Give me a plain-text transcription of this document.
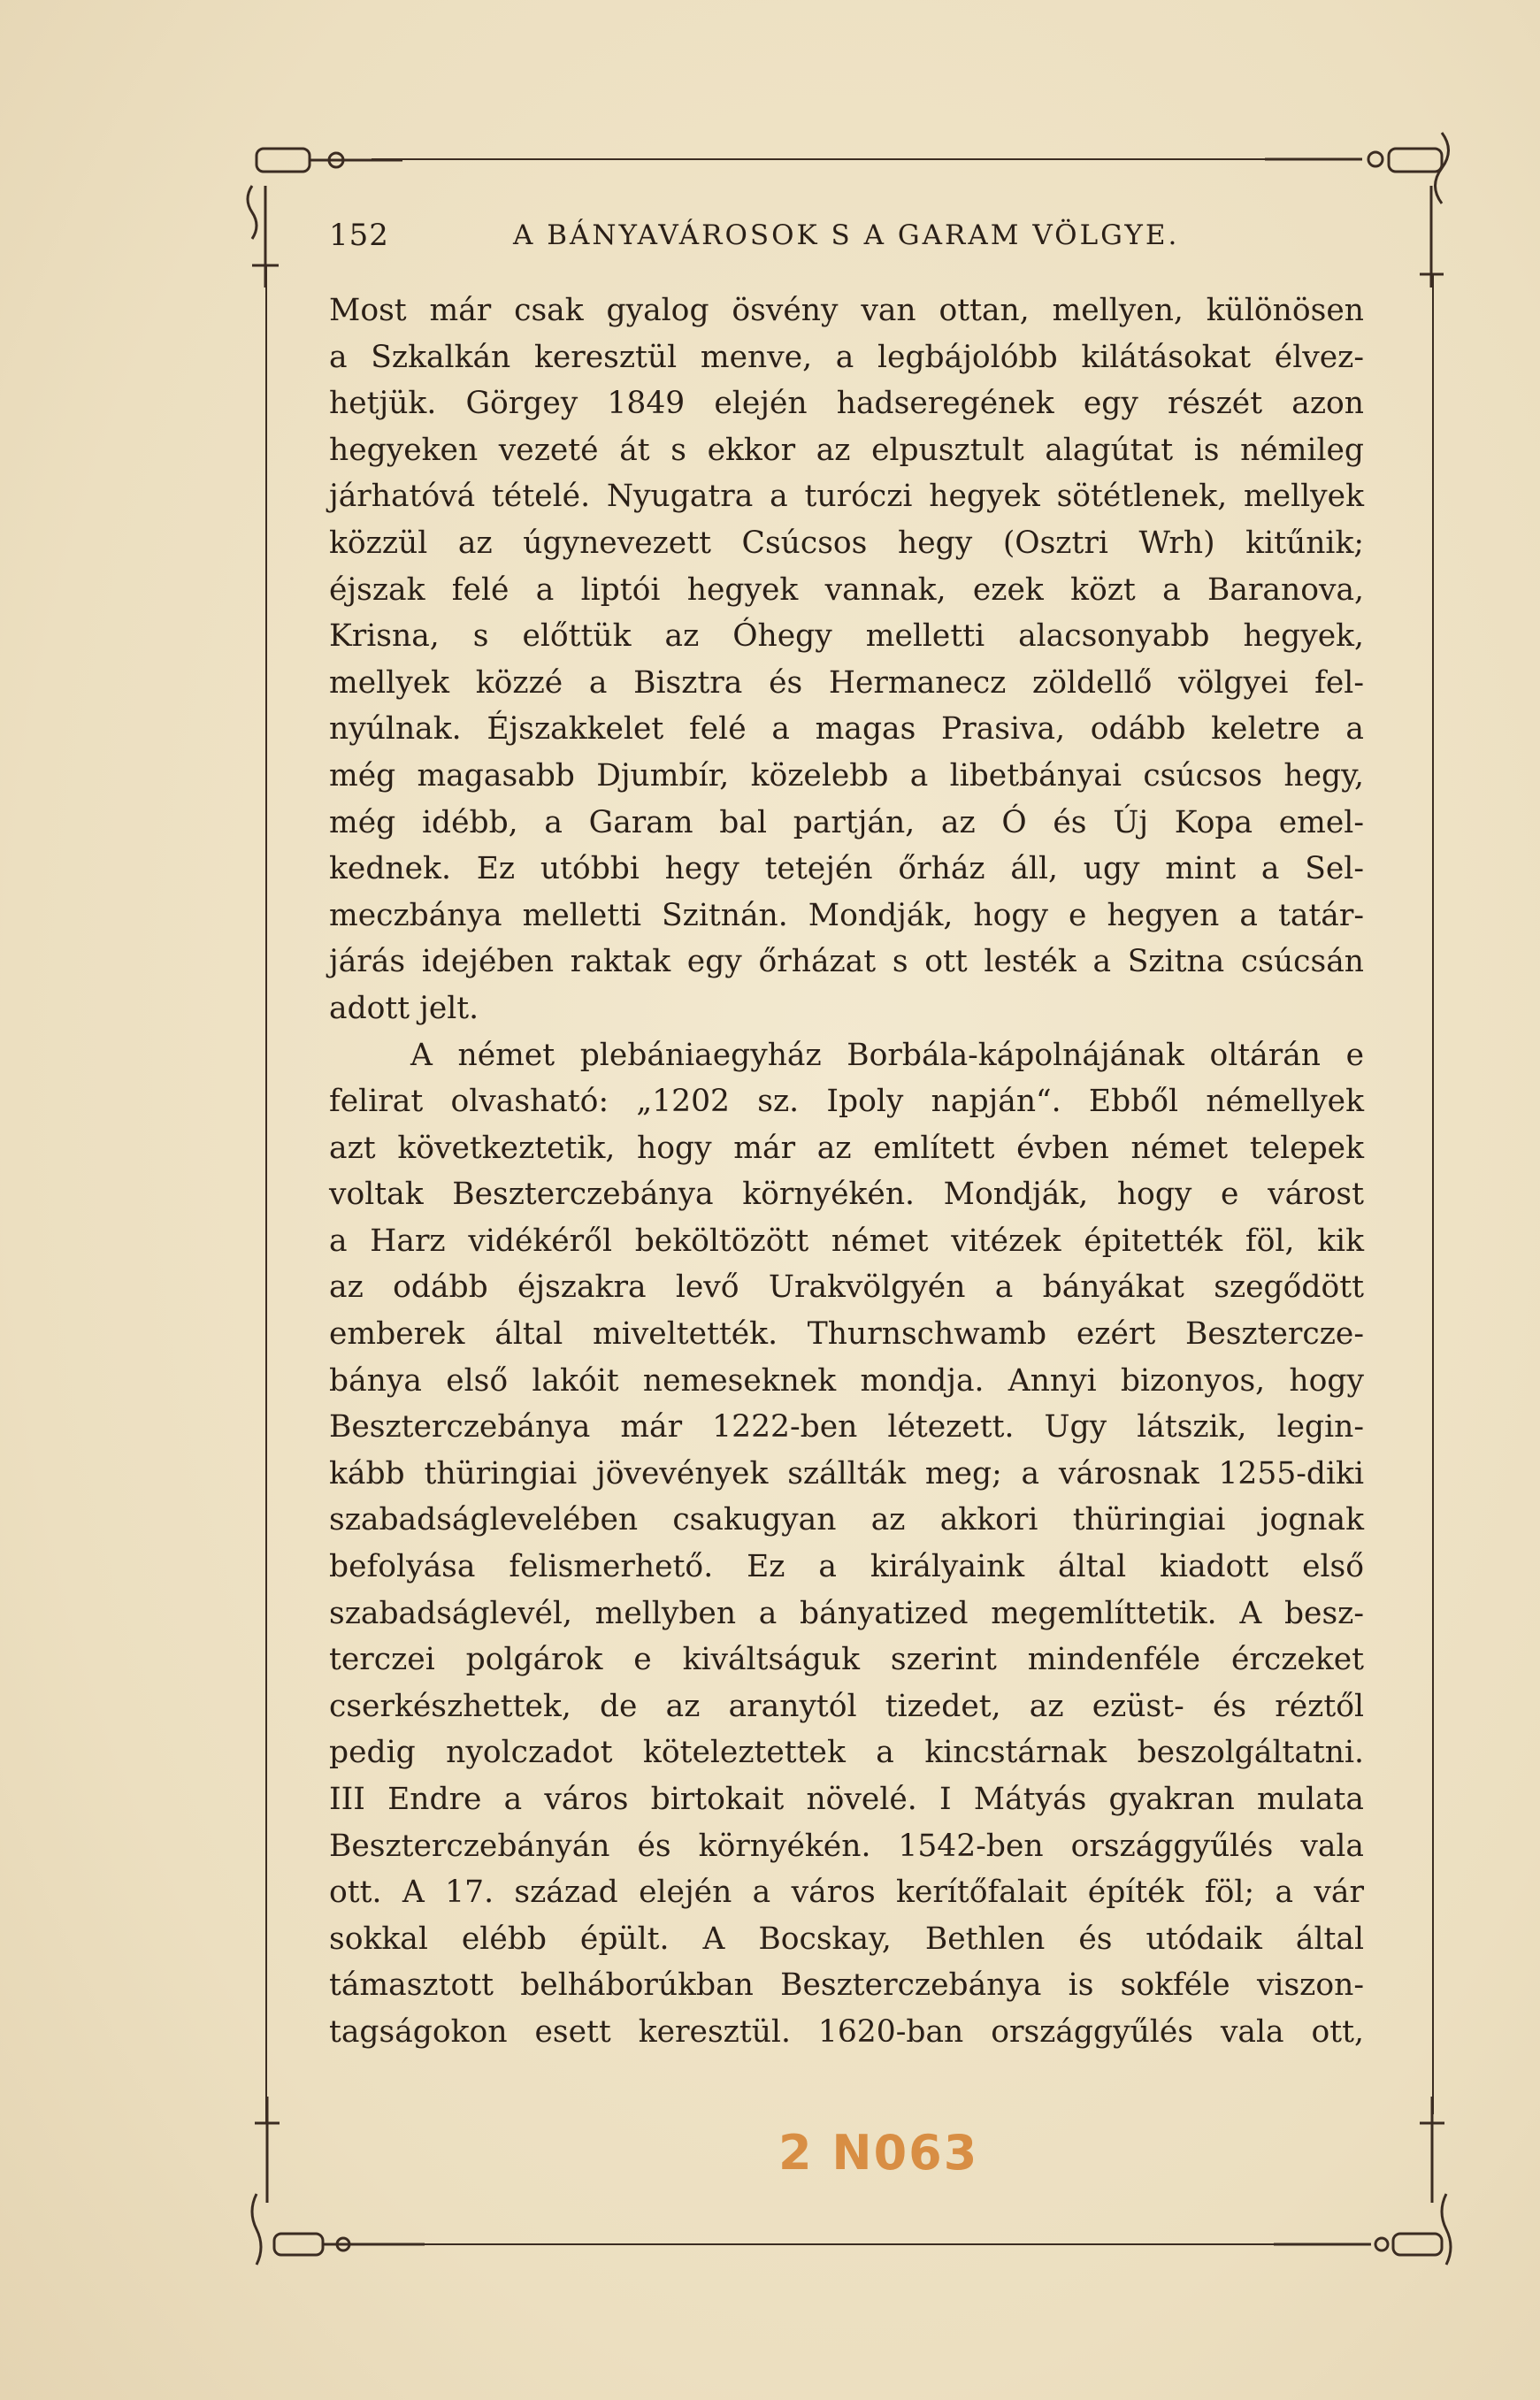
152	A BÁNYAVÁROSOK S A GARAM VÖLGYE.
Most már csak gyalog ösvény van ottan, mellyen, különösen
a Szkalkán keresztül menve, a legbájolóbb kilátásokat élvez-
hetjük. Görgey 1849 elején hadseregének egy részét azon
hegyeken vezeté át s ekkor az elpusztult alagútat is némileg
járhatóvá tételé. Nyugatra a turóczi hegyek sötétlenek, mellyek
közzül az úgynevezett Csúcsos hegy (Osztri Wrh) kitűnik;
éjszak felé a liptói hegyek vannak, ezek közt a Baranova,
Krisna, s előttük az Óhegy melletti alacsonyabb hegyek,
mellyek közzé a Bisztra és Hermanecz zöldellő völgyei fel-
nyúlnak. Éjszakkelet felé a magas Prasiva, odább keletre a
még magasabb Djumbír, közelebb a libetbányai csúcsos hegy,
még idébb, a Garam bal partján, az Ó és Új Kopa emel-
kednek. Ez utóbbi hegy tetején őrház áll, ugy mint a Sel-
meczbánya melletti Szitnán. Mondják, hogy e hegyen a tatár-
járás idejében raktak egy őrházat s ott lesték a Szitna csúcsán
adott jelt.
A német plebániaegyház Borbála-kápolnájának oltárán e
felirat olvasható: „1202 sz. Ipoly napján“. Ebből némellyek
azt következtetik, hogy már az említett évben német telepek
voltak Beszterczebánya környékén. Mondják, hogy e várost
a Harz vidékéről beköltözött német vitézek épitették föl, kik
az odább éjszakra levő Urakvölgyén a bányákat szegődött
emberek által miveltették. Thurnschwamb ezért Beszterczе-
bánya első lakóit nemeseknek mondja. Annyi bizonyos, hogy
Beszterczebánya már 1222-ben létezett. Ugy látszik, legin-
kább thüringiai jövevények szállták meg; a városnak 1255-diki
szabadságlevelében csakugyan az akkori thüringiai jognak
befolyása felismerhető. Ez a királyaink által kiadott első
szabadságlevél, mellyben a bányatized megemlíttetik. A besz-
terczei polgárok e kiváltságuk szerint mindenféle érczeket
cserkészhettek, de az aranytól tizedet, az ezüst- és réztől
pedig nyolczadot köteleztettek a kincstárnak beszolgáltatni.
III Endre a város birtokait növelé. I Mátyás gyakran mulata
Beszterczebányán és környékén. 1542-ben országgyűlés vala
ott. A 17. század elején a város kerítőfalait építék föl; a vár
sokkal elébb épült. A Bocskay, Bethlen és utódaik által
támasztott belháborúkban Beszterczebánya is sokféle viszon-
tagságokon esett keresztül. 1620-ban országgyűlés vala ott,
2 N063
